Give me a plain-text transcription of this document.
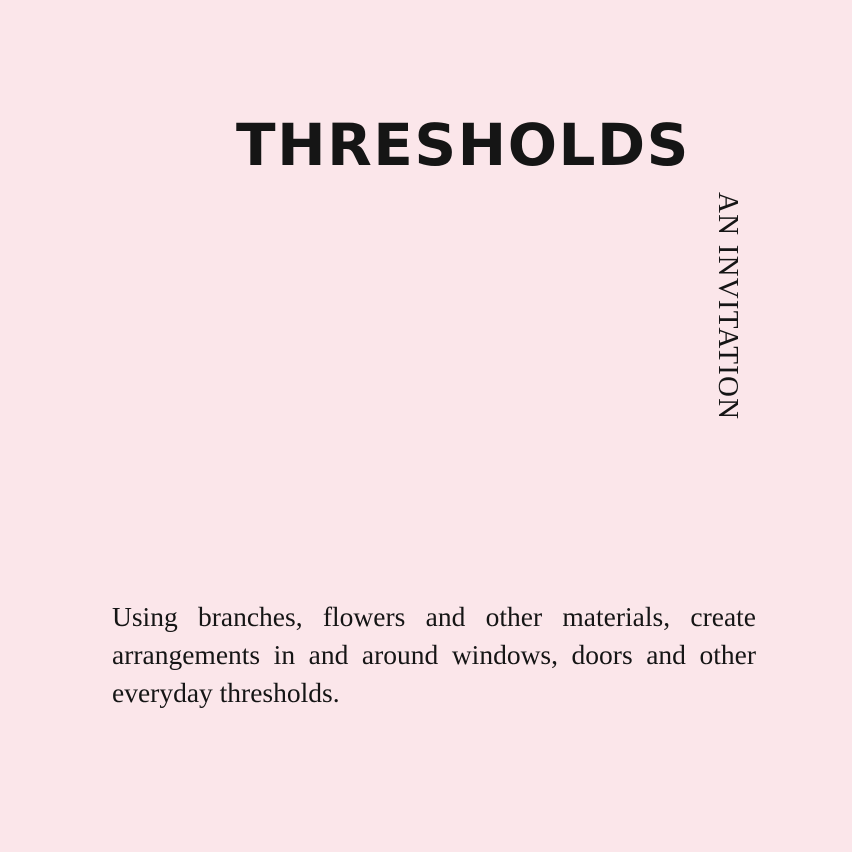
THRESHOLDS
AN INVITATION
Using branches, flowers and other materials, create arrangements in and around windows, doors and other everyday thresholds.
